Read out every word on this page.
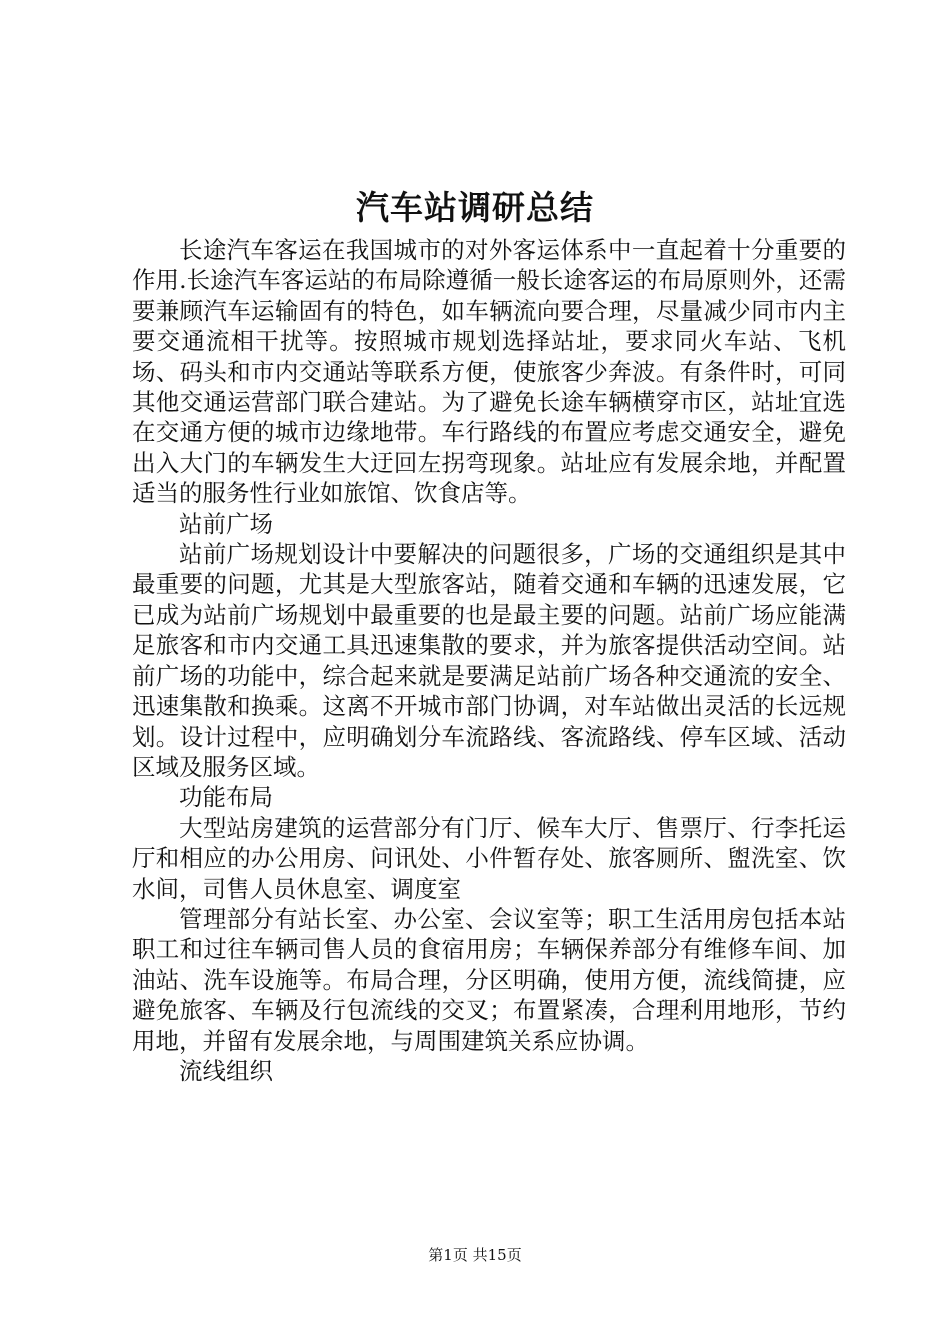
汽车站调研总结

长途汽车客运在我国城市的对外客运体系中一直起着十分重要的作用.长途汽车客运站的布局除遵循一般长途客运的布局原则外，还需要兼顾汽车运输固有的特色，如车辆流向要合理，尽量减少同市内主要交通流相干扰等。按照城市规划选择站址，要求同火车站、飞机场、码头和市内交通站等联系方便，使旅客少奔波。有条件时，可同其他交通运营部门联合建站。为了避免长途车辆横穿市区，站址宜选在交通方便的城市边缘地带。车行路线的布置应考虑交通安全，避免出入大门的车辆发生大迂回左拐弯现象。站址应有发展余地，并配置适当的服务性行业如旅馆、饮食店等。

站前广场

站前广场规划设计中要解决的问题很多，广场的交通组织是其中最重要的问题，尤其是大型旅客站，随着交通和车辆的迅速发展，它已成为站前广场规划中最重要的也是最主要的问题。站前广场应能满足旅客和市内交通工具迅速集散的要求，并为旅客提供活动空间。站前广场的功能中，综合起来就是要满足站前广场各种交通流的安全、迅速集散和换乘。这离不开城市部门协调，对车站做出灵活的长远规划。设计过程中，应明确划分车流路线、客流路线、停车区域、活动区域及服务区域。

功能布局

大型站房建筑的运营部分有门厅、候车大厅、售票厅、行李托运厅和相应的办公用房、问讯处、小件暂存处、旅客厕所、盥洗室、饮水间，司售人员休息室、调度室

管理部分有站长室、办公室、会议室等；职工生活用房包括本站职工和过往车辆司售人员的食宿用房；车辆保养部分有维修车间、加油站、洗车设施等。布局合理，分区明确，使用方便，流线简捷，应避免旅客、车辆及行包流线的交叉；布置紧凑，合理利用地形，节约用地，并留有发展余地，与周围建筑关系应协调。

流线组织

第1页 共15页
